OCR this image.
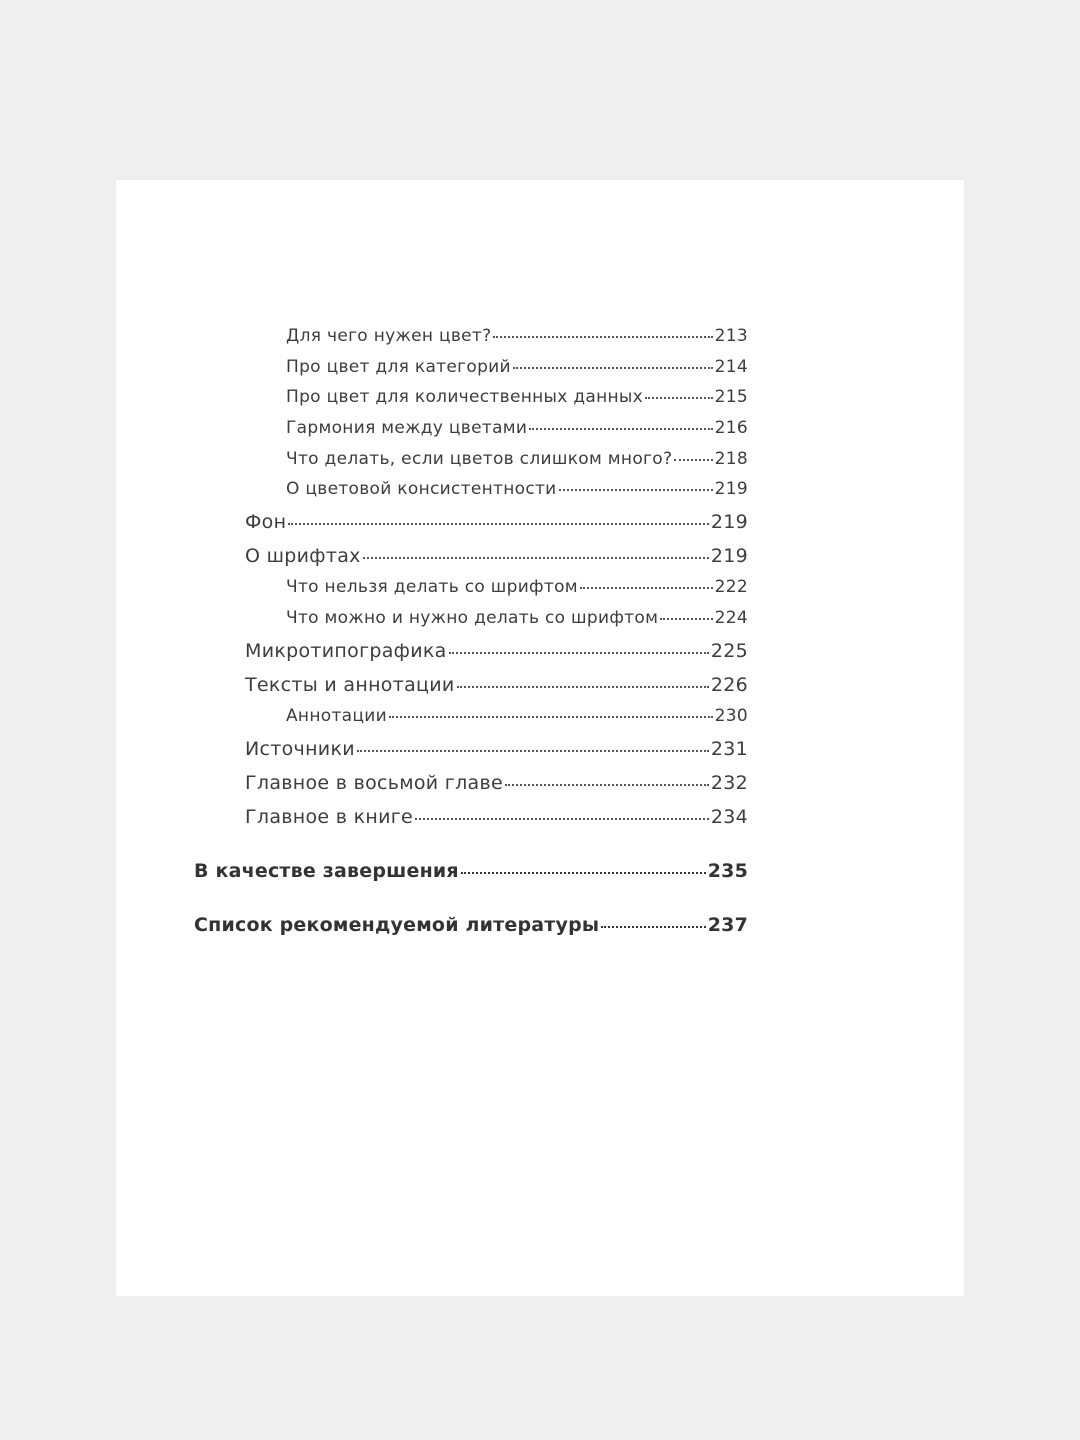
Для чего нужен цвет?	213
Про цвет для категорий	214
Про цвет для количественных данных	215
Гармония между цветами	216
Что делать, если цветов слишком много? 218
О цветовой консистентности	219
Фон	219
О шрифтах	219
Что нельзя делать со шрифтом	222
Что можно и нужно делать со шрифтом	224
Микротипографика	225
Тексты и аннотации	226
Аннотации	230
Источники	231
Главное в восьмой главе	232
Главное в книге	234
В качестве завершения	235
Список рекомендуемой литературы	237
